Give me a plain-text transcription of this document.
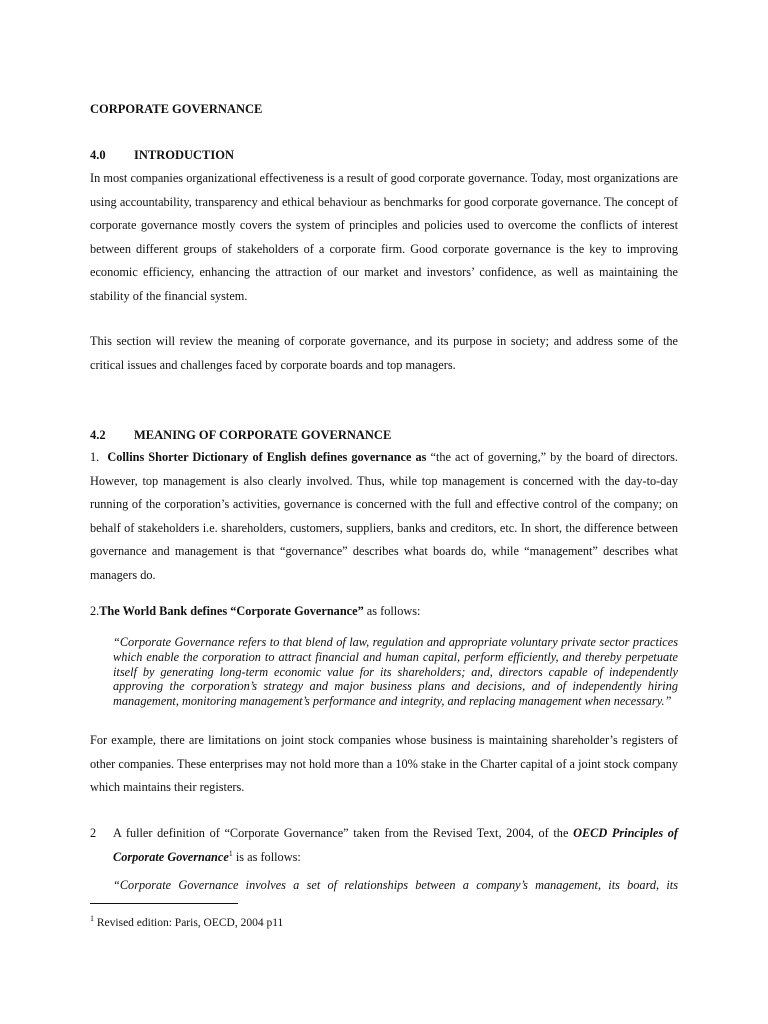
CORPORATE GOVERNANCE
4.0 INTRODUCTION

In most companies organizational effectiveness is a result of good corporate governance. Today, most organizations are using accountability, transparency and ethical behaviour as benchmarks for good corporate governance. The concept of corporate governance mostly covers the system of principles and policies used to overcome the conflicts of interest between different groups of stakeholders of a corporate firm. Good corporate governance is the key to improving economic efficiency, enhancing the attraction of our market and investors’ confidence, as well as maintaining the stability of the financial system.

This section will review the meaning of corporate governance, and its purpose in society; and address some of the critical issues and challenges faced by corporate boards and top managers.

4.2 MEANING OF CORPORATE GOVERNANCE

1. Collins Shorter Dictionary of English defines governance as “the act of governing,” by the board of directors. However, top management is also clearly involved. Thus, while top management is concerned with the day-to-day running of the corporation’s activities, governance is concerned with the full and effective control of the company; on behalf of stakeholders i.e. shareholders, customers, suppliers, banks and creditors, etc. In short, the difference between governance and management is that “governance” describes what boards do, while “management” describes what managers do.

2.The World Bank defines “Corporate Governance” as follows:

“Corporate Governance refers to that blend of law, regulation and appropriate voluntary private sector practices which enable the corporation to attract financial and human capital, perform efficiently, and thereby perpetuate itself by generating long-term economic value for its shareholders; and, directors capable of independently approving the corporation’s strategy and major business plans and decisions, and of independently hiring management, monitoring management’s performance and integrity, and replacing management when necessary.”

For example, there are limitations on joint stock companies whose business is maintaining shareholder’s registers of other companies. These enterprises may not hold more than a 10% stake in the Charter capital of a joint stock company which maintains their registers.

2	A fuller definition of “Corporate Governance” taken from the Revised Text, 2004, of the OECD Principles of Corporate Governance$^1$ is as follows:

“Corporate Governance involves a set of relationships between a company’s management, its board, its

$^1$ Revised edition: Paris, OECD, 2004 p11
